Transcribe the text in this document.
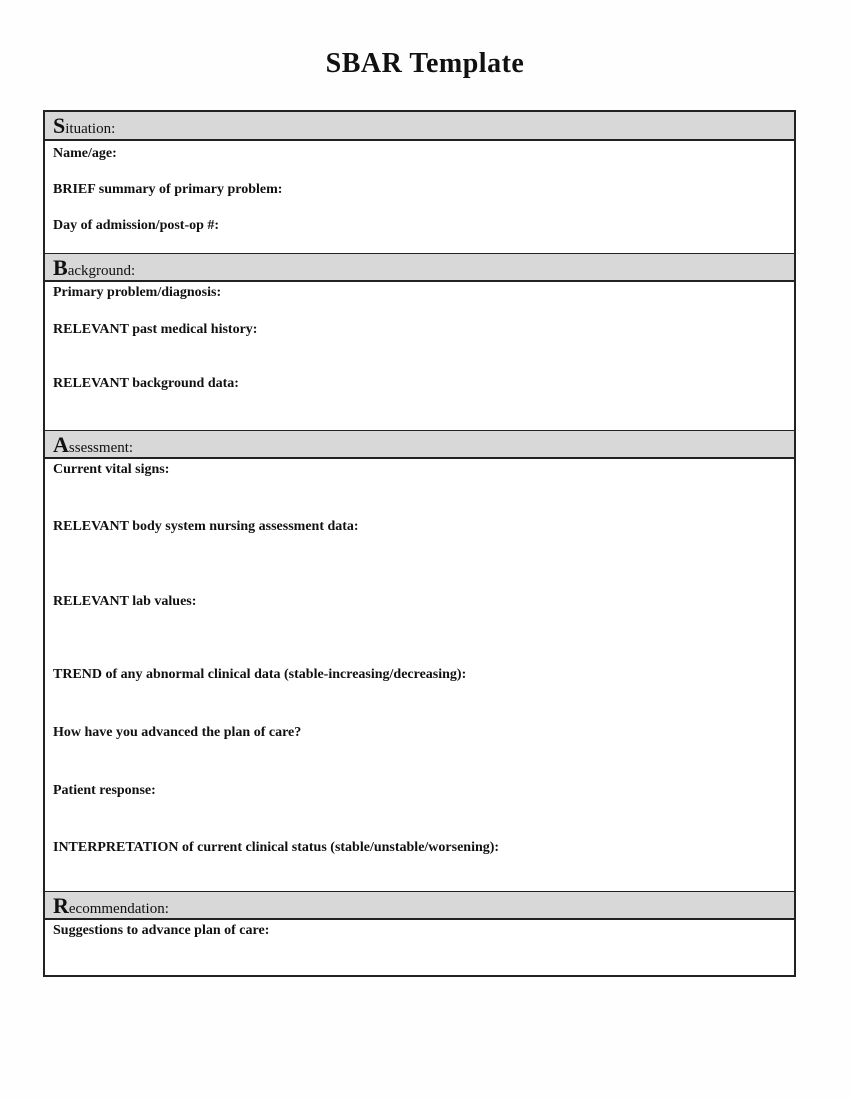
SBAR Template
Situation:

Name/age:

BRIEF summary of primary problem:

Day of admission/post-op #:

Background:

Primary problem/diagnosis:

RELEVANT past medical history:

RELEVANT background data:

Assessment:

Current vital signs:

RELEVANT body system nursing assessment data:

RELEVANT lab values:

TREND of any abnormal clinical data (stable-increasing/decreasing):

How have you advanced the plan of care?

Patient response:

INTERPRETATION of current clinical status (stable/unstable/worsening):

Recommendation:

Suggestions to advance plan of care:
